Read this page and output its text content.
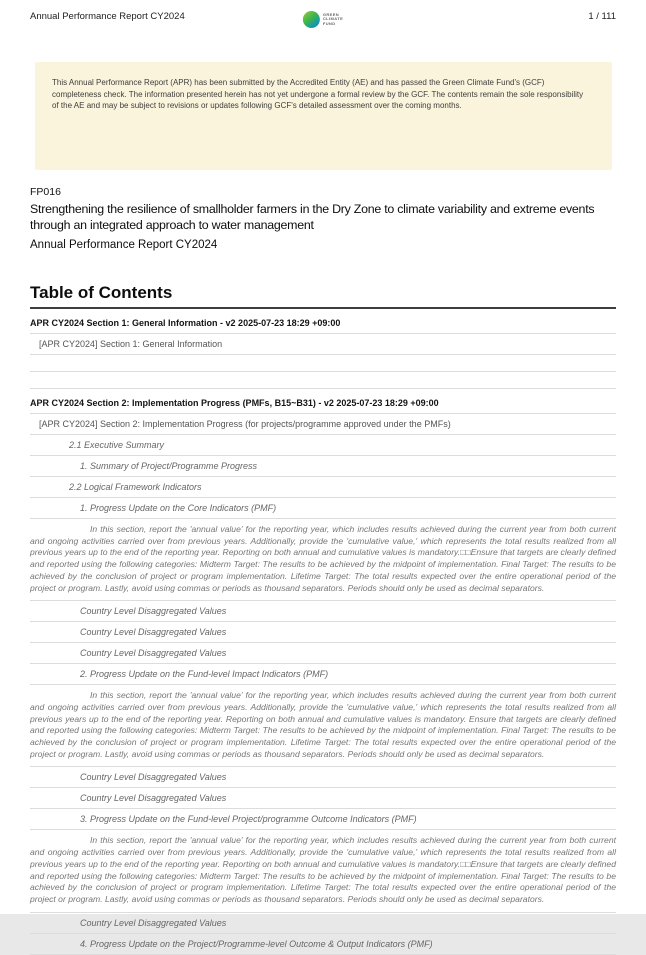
Annual Performance Report CY2024	GREEN
CLIMATE
FUND
1 / 111
This Annual Performance Report (APR) has been submitted by the Accredited Entity (AE) and has passed the Green Climate Fund's (GCF) completeness check. The information presented herein has not yet undergone a formal review by the GCF. The contents remain the sole responsibility of the AE and may be subject to revisions or updates following GCF's detailed assessment over the coming months.
FP016
Strengthening the resilience of smallholder farmers in the Dry Zone to climate variability and extreme events through an integrated approach to water management
Annual Performance Report CY2024
Table of Contents
APR CY2024 Section 1: General Information - v2 2025-07-23 18:29 +09:00
[APR CY2024] Section 1: General Information
APR CY2024 Section 2: Implementation Progress (PMFs, B15~B31) - v2 2025-07-23 18:29 +09:00
[APR CY2024] Section 2: Implementation Progress (for projects/programme approved under the PMFs)
2.1 Executive Summary
1. Summary of Project/Programme Progress
2.2 Logical Framework Indicators
1. Progress Update on the Core Indicators (PMF)
In this section, report the 'annual value' for the reporting year, which includes results achieved during the current year from both current and ongoing activities carried over from previous years. Additionally, provide the 'cumulative value,' which represents the total results realized from all previous years up to the end of the reporting year. Reporting on both annual and cumulative values is mandatory.□□Ensure that targets are clearly defined and reported using the following categories: Midterm Target: The results to be achieved by the midpoint of implementation. Final Target: The results to be achieved by the conclusion of project or program implementation. Lifetime Target: The total results expected over the entire operational period of the project or program. Lastly, avoid using commas or periods as thousand separators. Periods should only be used as decimal separators.
Country Level Disaggregated Values
Country Level Disaggregated Values
Country Level Disaggregated Values
2. Progress Update on the Fund-level Impact Indicators (PMF)
In this section, report the 'annual value' for the reporting year, which includes results achieved during the current year from both current and ongoing activities carried over from previous years. Additionally, provide the 'cumulative value,' which represents the total results realized from all previous years up to the end of the reporting year. Reporting on both annual and cumulative values is mandatory. Ensure that targets are clearly defined and reported using the following categories: Midterm Target: The results to be achieved by the midpoint of implementation. Final Target: The results to be achieved by the conclusion of project or program implementation. Lifetime Target: The total results expected over the entire operational period of the project or program. Lastly, avoid using commas or periods as thousand separators. Periods should only be used as decimal separators.
Country Level Disaggregated Values
Country Level Disaggregated Values
3. Progress Update on the Fund-level Project/programme Outcome Indicators (PMF)
In this section, report the 'annual value' for the reporting year, which includes results achieved during the current year from both current and ongoing activities carried over from previous years. Additionally, provide the 'cumulative value,' which represents the total results realized from all previous years up to the end of the reporting year. Reporting on both annual and cumulative values is mandatory.□□Ensure that targets are clearly defined and reported using the following categories: Midterm Target: The results to be achieved by the midpoint of implementation. Final Target: The results to be achieved by the conclusion of project or program implementation. Lifetime Target: The total results expected over the entire operational period of the project or program. Lastly, avoid using commas or periods as thousand separators. Periods should only be used as decimal separators.
Country Level Disaggregated Values
4. Progress Update on the Project/Programme-level Outcome & Output Indicators (PMF)
